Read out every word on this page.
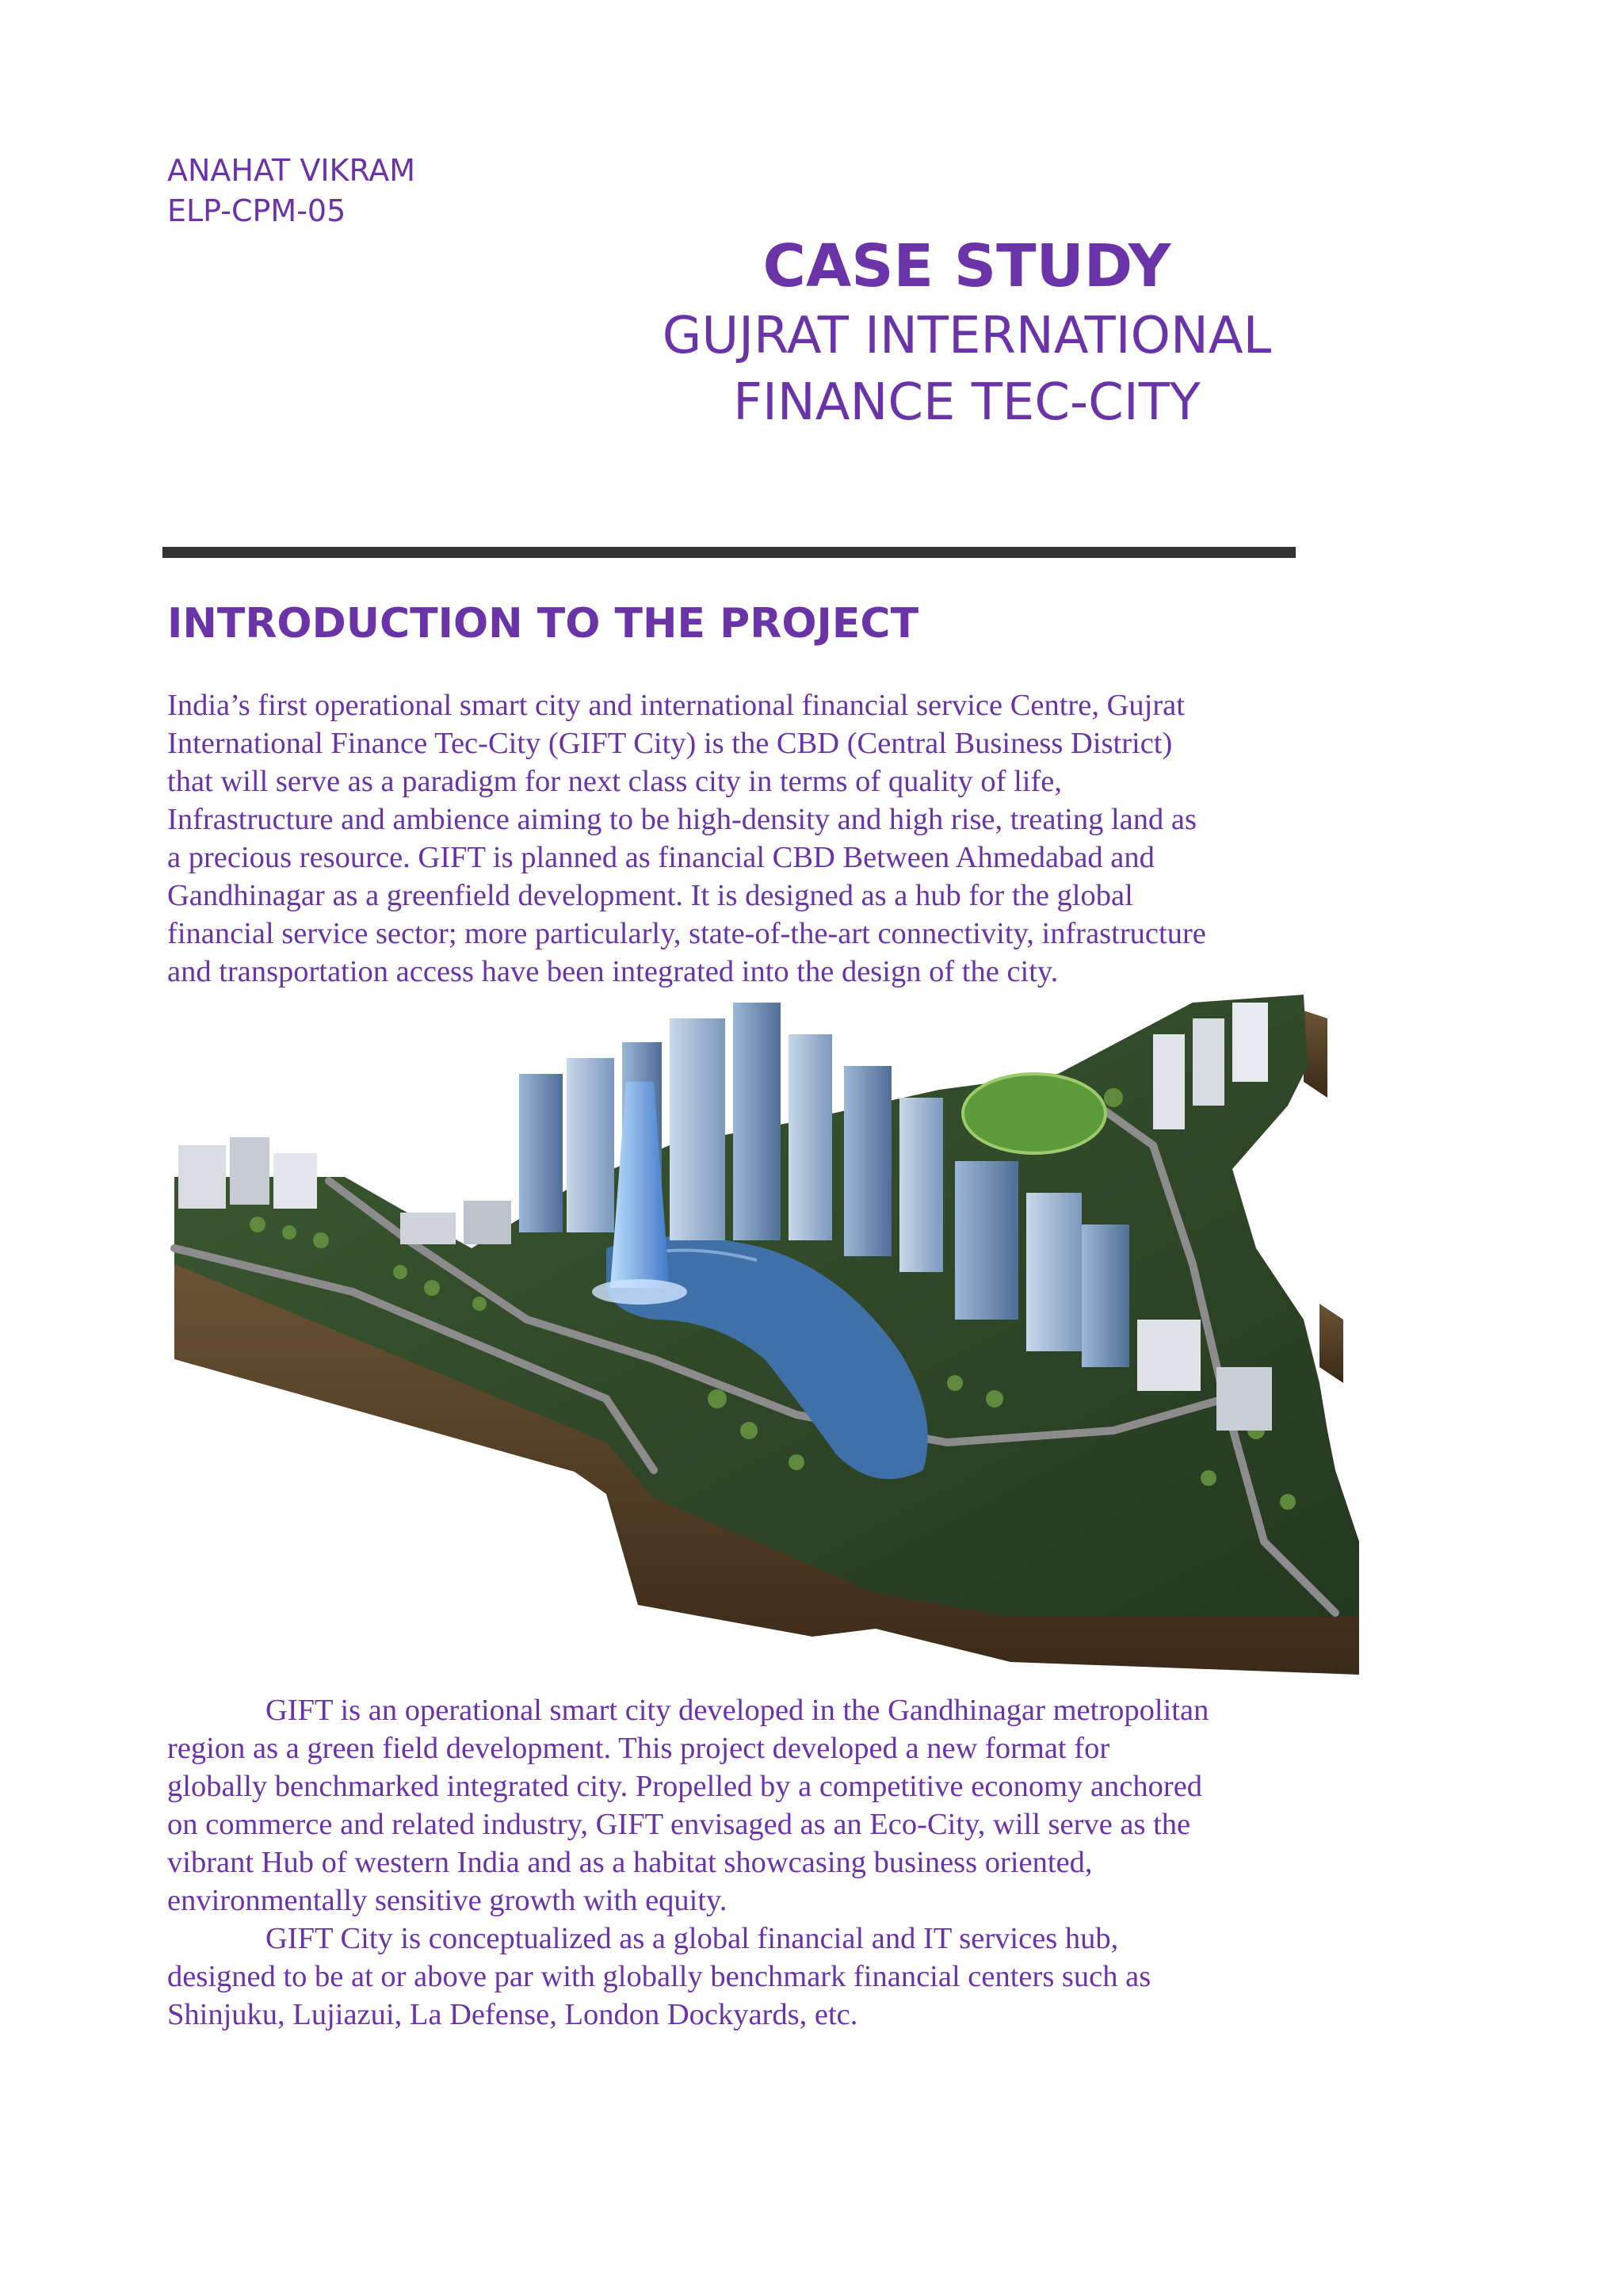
ANAHAT VIKRAM
ELP-CPM-05
CASE STUDY
GUJRAT INTERNATIONAL
FINANCE TEC-CITY
INTRODUCTION TO THE PROJECT

India’s first operational smart city and international financial service Centre, Gujrat
International Finance Tec-City (GIFT City) is the CBD (Central Business District)
that will serve as a paradigm for next class city in terms of quality of life,
Infrastructure and ambience aiming to be high-density and high rise, treating land as
a precious resource. GIFT is planned as financial CBD Between Ahmedabad and
Gandhinagar as a greenfield development. It is designed as a hub for the global
financial service sector; more particularly, state-of-the-art connectivity, infrastructure
and transportation access have been integrated into the design of the city.

GIFT is an operational smart city developed in the Gandhinagar metropolitan
region as a green field development. This project developed a new format for
globally benchmarked integrated city. Propelled by a competitive economy anchored
on commerce and related industry, GIFT envisaged as an Eco-City, will serve as the
vibrant Hub of western India and as a habitat showcasing business oriented,
environmentally sensitive growth with equity.

GIFT City is conceptualized as a global financial and IT services hub,
designed to be at or above par with globally benchmark financial centers such as
Shinjuku, Lujiazui, La Defense, London Dockyards, etc.
